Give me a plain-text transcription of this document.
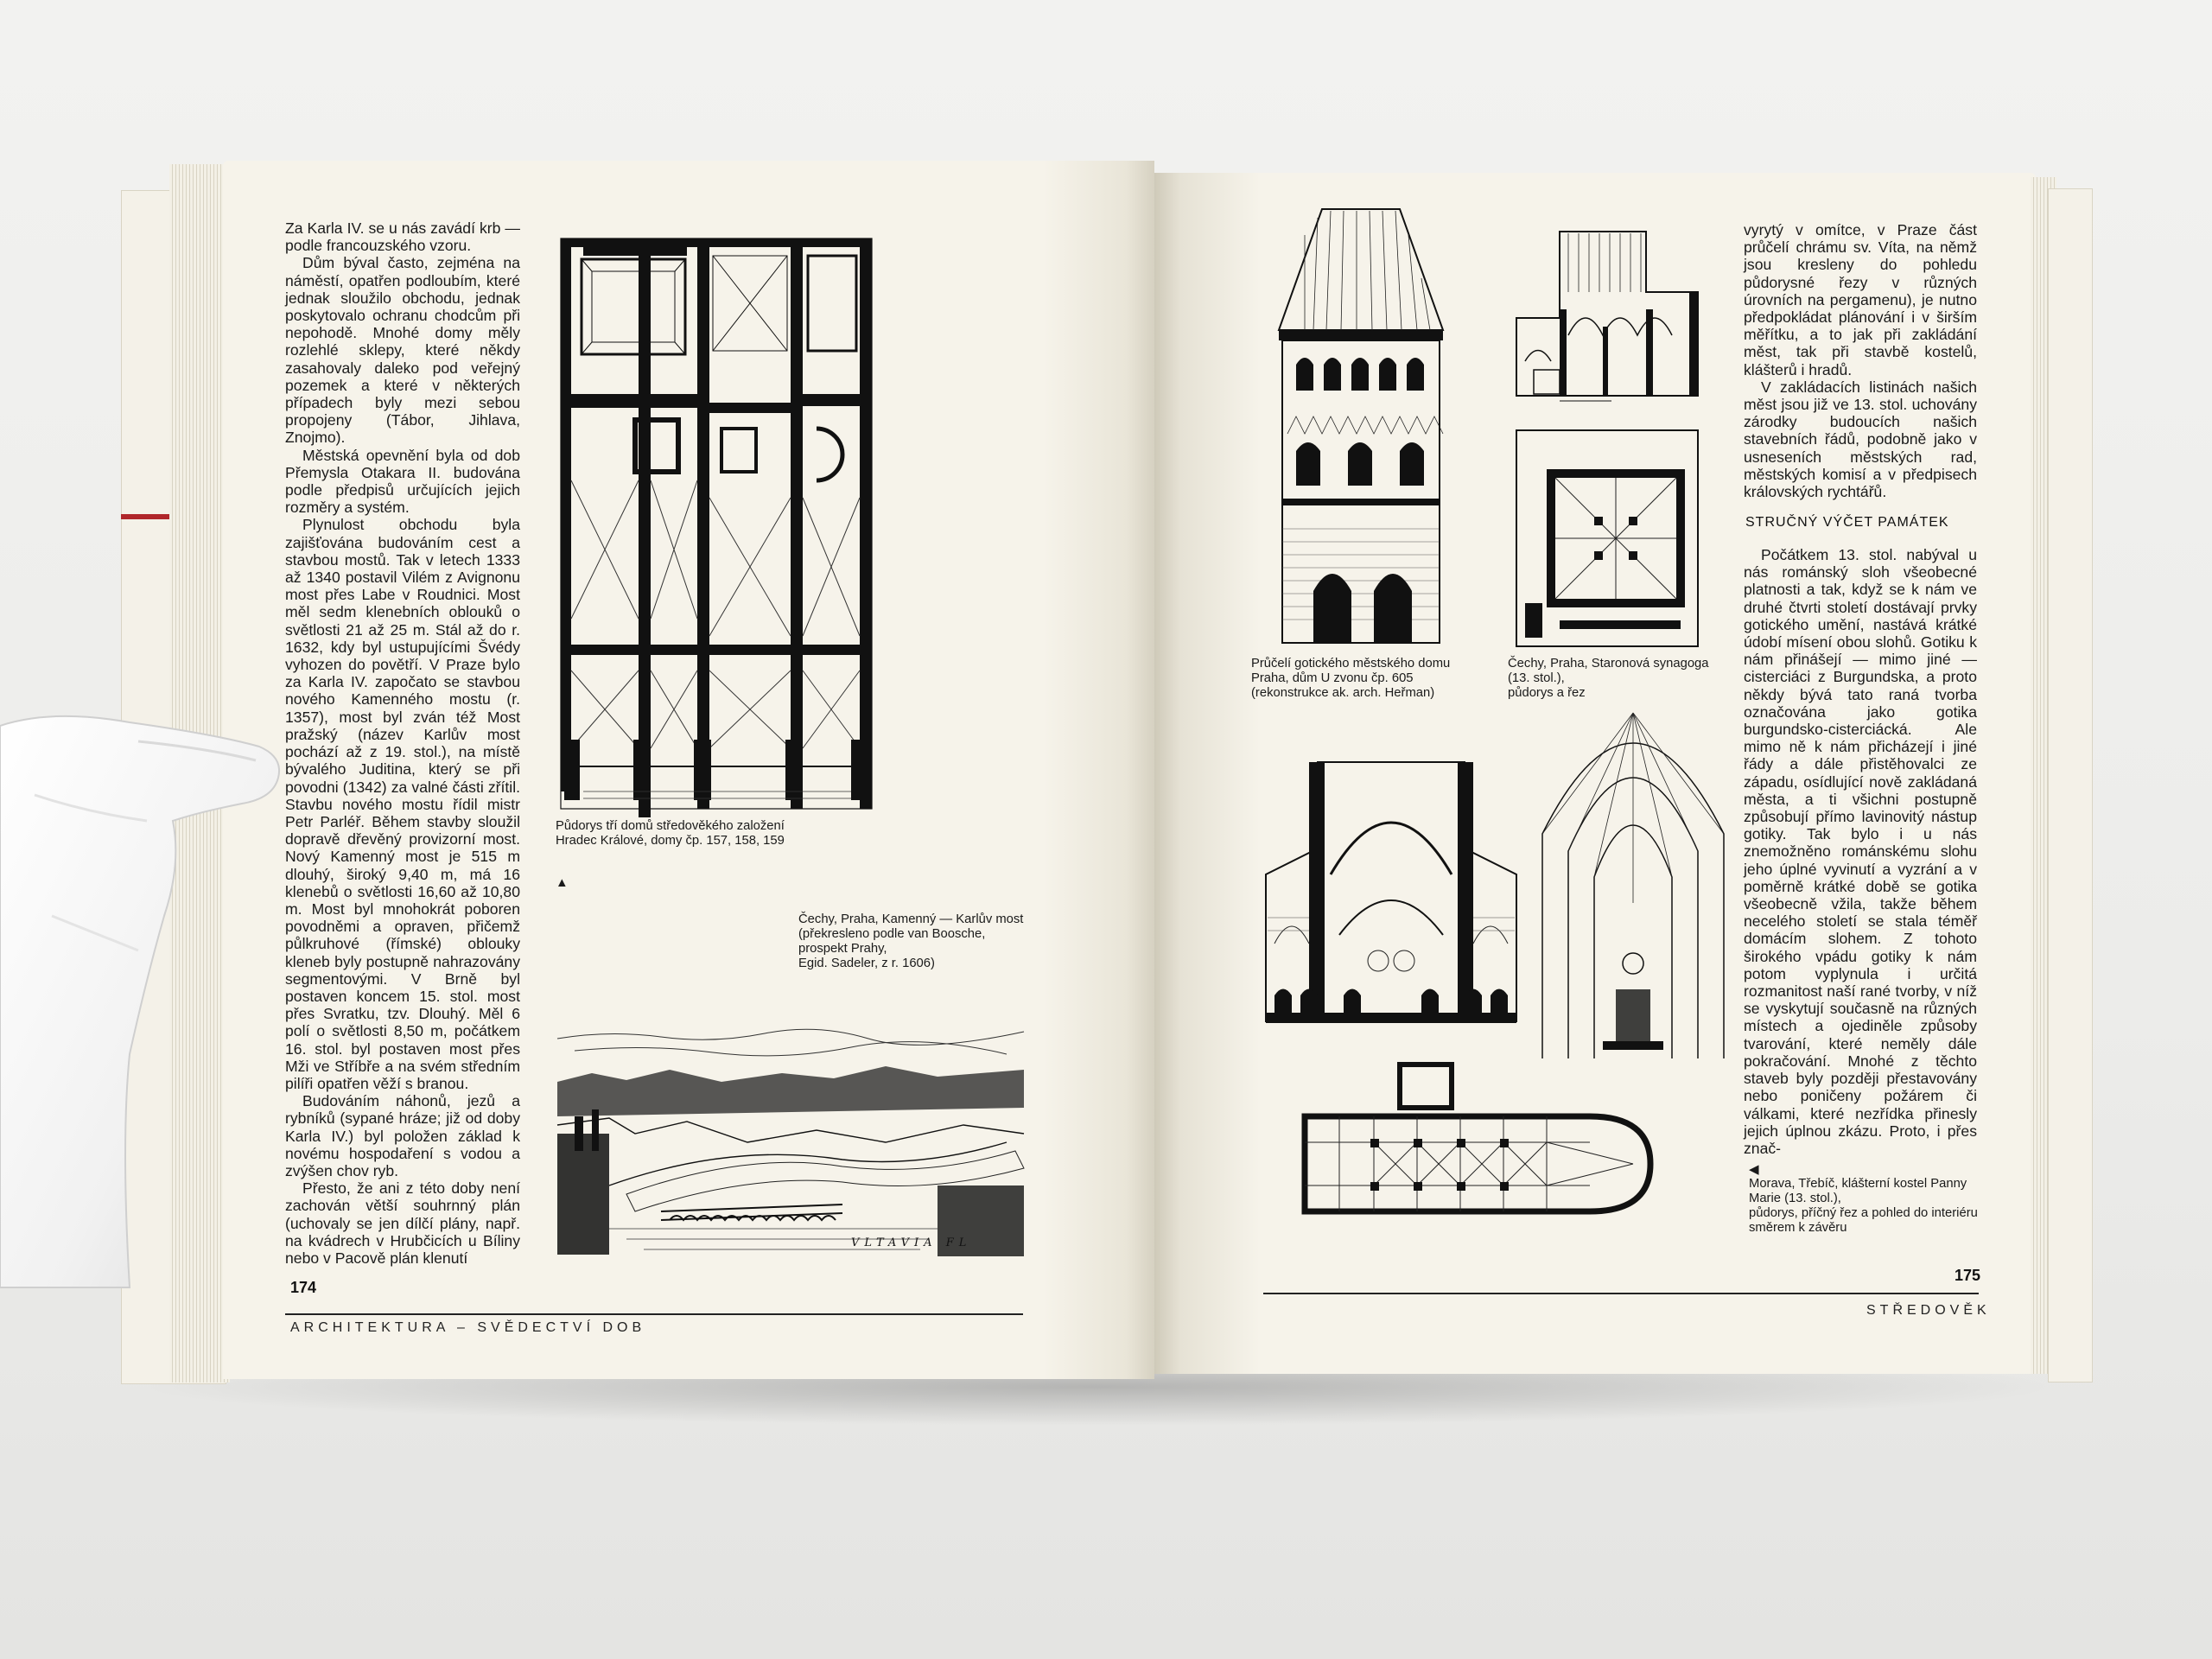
Za Karla IV. se u nás zavádí krb — podle francouzského vzoru.

Dům býval často, zejména na náměstí, opatřen podloubím, které jednak sloužilo obchodu, jednak poskytovalo ochranu chodcům při nepohodě. Mnohé domy měly rozlehlé sklepy, které někdy zasahovaly daleko pod veřejný pozemek a které v některých případech byly mezi sebou propojeny (Tábor, Jihlava, Znojmo).

Městská opevnění byla od dob Přemysla Otakara II. budována podle předpisů určujících jejich rozměry a systém.

Plynulost obchodu byla zajišťována budováním cest a stavbou mostů. Tak v letech 1333 až 1340 postavil Vilém z Avignonu most přes Labe v Roudnici. Most měl sedm klenebních oblouků o světlosti 21 až 25 m. Stál až do r. 1632, kdy byl ustupujícími Švédy vyhozen do povětří. V Praze bylo za Karla IV. započato se stavbou nového Kamenného mostu (r. 1357), most byl zván též Most pražský (název Karlův most pochází až z 19. stol.), na místě bývalého Juditina, který se při povodni (1342) za valné části zřítil. Stavbu nového mostu řídil mistr Petr Parléř. Během stavby sloužil dopravě dřevěný provizorní most. Nový Kamenný most je 515 m dlouhý, široký 9,40 m, má 16 klenebů o světlosti 16,60 až 10,80 m. Most byl mnohokrát poboren povodněmi a opraven, přičemž půlkruhové (římské) oblouky kleneb byly postupně nahrazovány segmentovými. V Brně byl postaven koncem 15. stol. most přes Svratku, tzv. Dlouhý. Měl 6 polí o světlosti 8,50 m, počátkem 16. stol. byl postaven most přes Mži ve Stříbře a na svém středním pilíři opatřen věží s branou.

Budováním náhonů, jezů a rybníků (sypané hráze; již od doby Karla IV.) byl položen základ k novému hospodaření s vodou a zvýšen chov ryb.

Přesto, že ani z této doby není zachován větší souhrnný plán (uchovaly se jen dílčí plány, např. na kvádrech v Hrubčicích u Bíliny nebo v Pacově plán klenutí

Půdorys tří domů středověkého založení
Hradec Králové, domy čp. 157, 158, 159
▲
Čechy, Praha, Kamenný — Karlův most
(překresleno podle van Boosche, prospekt Prahy,
Egid. Sadeler, z r. 1606)
VLTAVIA FL
174
ARCHITEKTURA – SVĚDECTVÍ DOB
Průčelí gotického městského domu
Praha, dům U zvonu čp. 605 (rekonstrukce ak. arch. Heřman)
Čechy, Praha, Staronová synagoga
(13. stol.),
půdorys a řez
◀
Morava, Třebíč, klášterní kostel Panny Marie (13. stol.),
půdorys, příčný řez a pohled do interiéru směrem k závěru

vyrytý v omítce, v Praze část průčelí chrámu sv. Víta, na němž jsou kresleny do pohledu půdorysné řezy v různých úrovních na pergamenu), je nutno předpokládat plánování i v širším měřítku, a to jak při zakládání měst, tak při stavbě kostelů, klášterů i hradů.

V zakládacích listinách našich měst jsou již ve 13. stol. uchovány zárodky budoucích našich stavebních řádů, podobně jako v usneseních městských rad, městských komisí a v předpisech královských rychtářů.

STRUČNÝ VÝČET PAMÁTEK

Počátkem 13. stol. nabýval u nás románský sloh všeobecné platnosti a tak, když se k nám ve druhé čtvrti století dostávají prvky gotického umění, nastává krátké údobí mísení obou slohů. Gotiku k nám přinášejí — mimo jiné — cisterciáci z Burgundska, a proto někdy bývá tato raná tvorba označována jako gotika burgundsko-cisterciácká. Ale mimo ně k nám přicházejí i jiné řády a dále přistěhovalci ze západu, osídlující nově zakládaná města, a ti všichni postupně způsobují přímo lavinovitý nástup gotiky. Tak bylo i u nás znemožněno románskému slohu jeho úplné vyvinutí a vyzrání a v poměrně krátké době se gotika všeobecně vžila, takže během necelého století se stala téměř domácím slohem. Z tohoto širokého vpádu gotiky k nám potom vyplynula i určitá rozmanitost naší rané tvorby, v níž se vyskytují současně na různých místech a ojediněle způsoby tvarování, které neměly dále pokračování. Mnohé z těchto staveb byly později přestavovány nebo poničeny požárem či válkami, které nezřídka přinesly jejich úplnou zkázu. Proto, i přes znač-

175
STŘEDOVĚK
